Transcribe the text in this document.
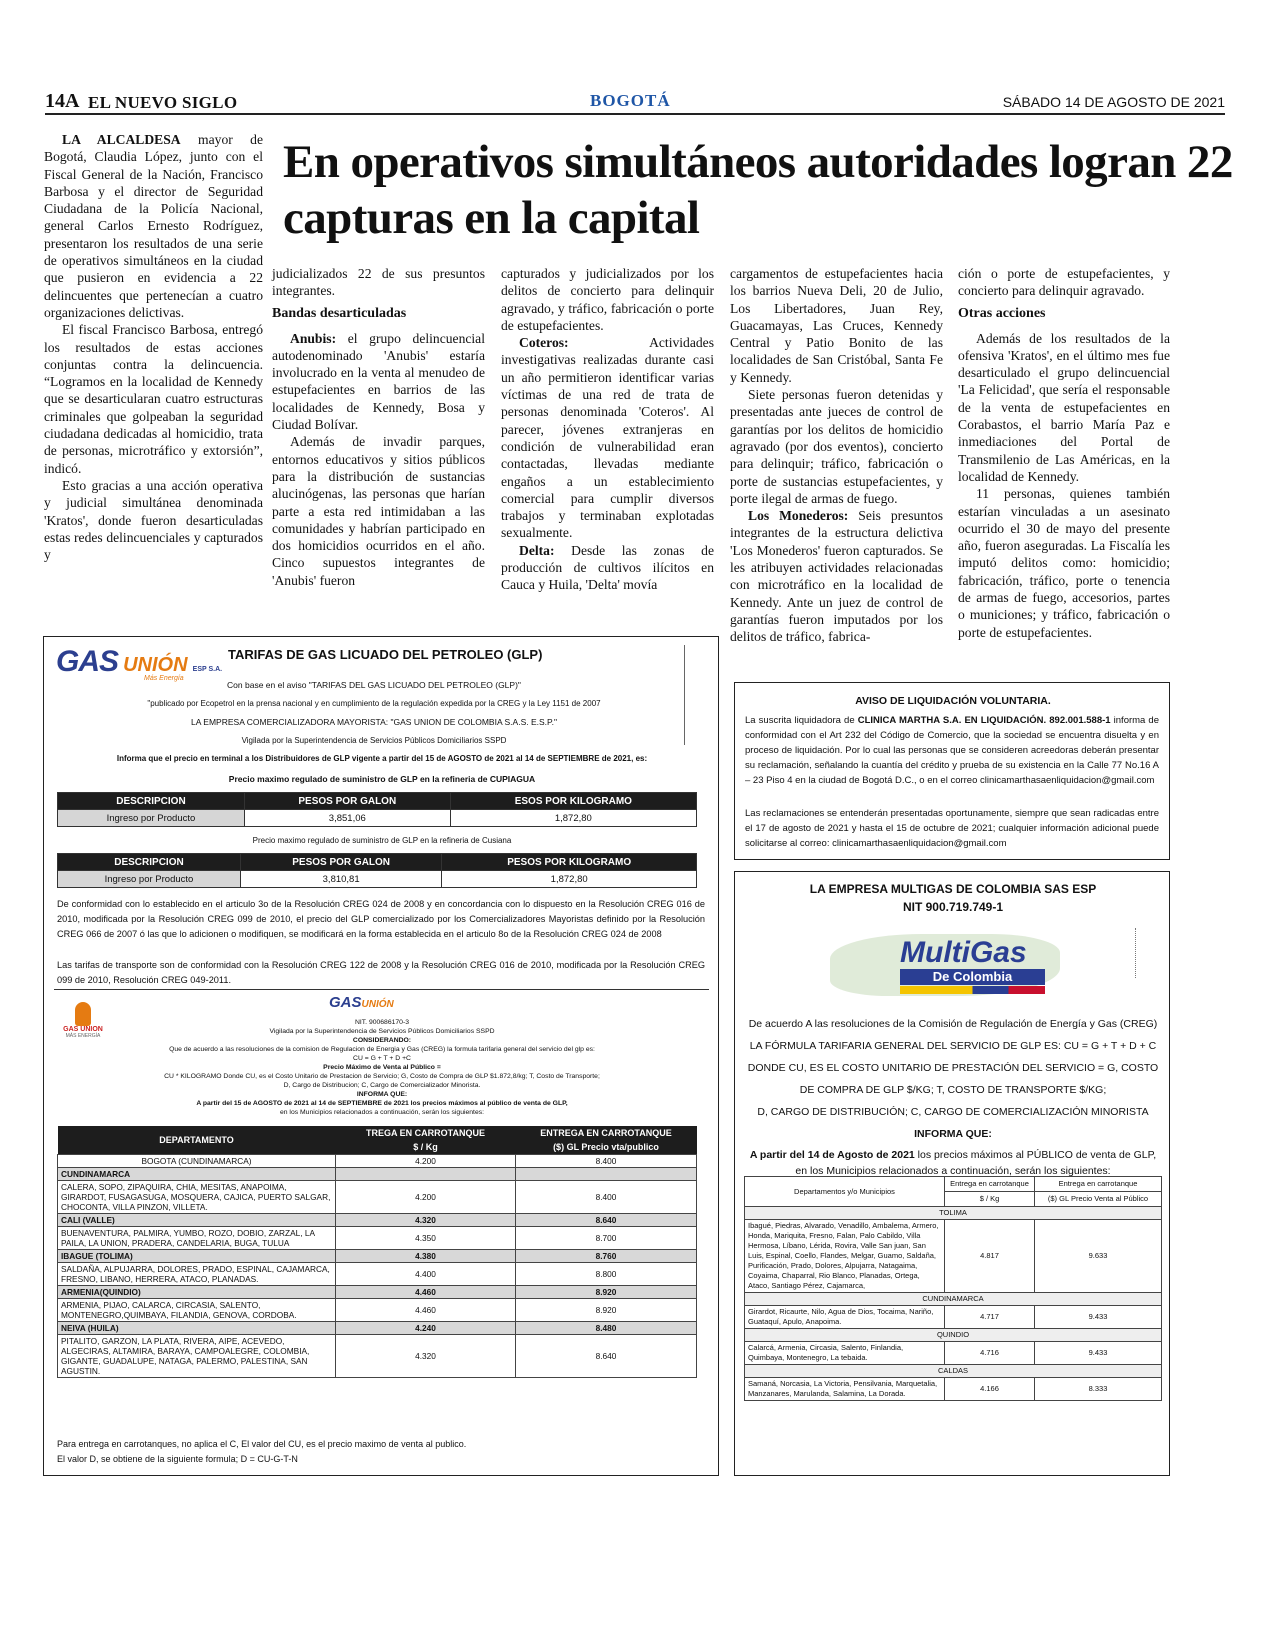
14A EL NUEVO SIGLO	BOGOTÁ	SÁBADO 14 DE AGOSTO DE 2021
En operativos simultáneos autoridades logran 22 capturas en la capital

LA ALCALDESA mayor de Bogotá, Claudia López, junto con el Fiscal General de la Nación, Francisco Barbosa y el director de Seguridad Ciudadana de la Policía Nacional, general Carlos Ernesto Rodríguez, presentaron los resultados de una serie de operativos simultáneos en la ciudad que pusieron en evidencia a 22 delincuentes que pertenecían a cuatro organizaciones delictivas.

El fiscal Francisco Barbosa, entregó los resultados de estas acciones conjuntas contra la delincuencia. “Logramos en la localidad de Kennedy que se desarticularan cuatro estructuras criminales que golpeaban la seguridad ciudadana dedicadas al homicidio, trata de personas, microtráfico y extorsión”, indicó.

Esto gracias a una acción operativa y judicial simultánea denominada 'Kratos', donde fueron desarticuladas estas redes delincuenciales y capturados y

judicializados 22 de sus presuntos integrantes.

Bandas desarticuladas

Anubis: el grupo delincuencial autodenominado 'Anubis' estaría involucrado en la venta al menudeo de estupefacientes en barrios de las localidades de Kennedy, Bosa y Ciudad Bolívar.

Además de invadir parques, entornos educativos y sitios públicos para la distribución de sustancias alucinógenas, las personas que harían parte a esta red intimidaban a las comunidades y habrían participado en dos homicidios ocurridos en el año. Cinco supuestos integrantes de 'Anubis' fueron

capturados y judicializados por los delitos de concierto para delinquir agravado, y tráfico, fabricación o porte de estupefacientes.

Coteros: Actividades investigativas realizadas durante casi un año permitieron identificar varias víctimas de una red de trata de personas denominada 'Coteros'. Al parecer, jóvenes extranjeras en condición de vulnerabilidad eran contactadas, llevadas mediante engaños a un establecimiento comercial para cumplir diversos trabajos y terminaban explotadas sexualmente.

Delta: Desde las zonas de producción de cultivos ilícitos en Cauca y Huila, 'Delta' movía

cargamentos de estupefacientes hacia los barrios Nueva Deli, 20 de Julio, Los Libertadores, Juan Rey, Guacamayas, Las Cruces, Kennedy Central y Patio Bonito de las localidades de San Cristóbal, Santa Fe y Kennedy.

Siete personas fueron detenidas y presentadas ante jueces de control de garantías por los delitos de homicidio agravado (por dos eventos), concierto para delinquir; tráfico, fabricación o porte de sustancias estupefacientes, y porte ilegal de armas de fuego.

Los Monederos: Seis presuntos integrantes de la estructura delictiva 'Los Monederos' fueron capturados. Se les atribuyen actividades relacionadas con microtráfico en la localidad de Kennedy. Ante un juez de control de garantías fueron imputados por los delitos de tráfico, fabrica-

ción o porte de estupefacientes, y concierto para delinquir agravado.

Otras acciones

Además de los resultados de la ofensiva 'Kratos', en el último mes fue desarticulado el grupo delincuencial 'La Felicidad', que sería el responsable de la venta de estupefacientes en Corabastos, el barrio María Paz e inmediaciones del Portal de Transmilenio de Las Américas, en la localidad de Kennedy.

11 personas, quienes también estarían vinculadas a un asesinato ocurrido el 30 de mayo del presente año, fueron aseguradas. La Fiscalía les imputó delitos como: homicidio; fabricación, tráfico, porte o tenencia de armas de fuego, accesorios, partes o municiones; y tráfico, fabricación o porte de estupefacientes.

GAS UNIÓN ESP S.A.
Más Energía
TARIFAS DE GAS LICUADO DEL PETROLEO (GLP)
Con base en el aviso "TARIFAS DEL GAS LICUADO DEL PETROLEO (GLP)"
"publicado por Ecopetrol en la prensa nacional y en cumplimiento de la regulación expedida por la CREG y la Ley 1151 de 2007
LA EMPRESA COMERCIALIZADORA MAYORISTA: "GAS UNION DE COLOMBIA S.A.S. E.S.P."
Vigilada por la Superintendencia de Servicios Públicos Domiciliarios SSPD
Informa que el precio en terminal a los Distribuidores de GLP vigente a partir del 15 de AGOSTO de 2021 al 14 de SEPTIEMBRE de 2021, es:
Precio maximo regulado de suministro de GLP en la refineria de CUPIAGUA
DESCRIPCION	PESOS POR GALON	ESOS POR KILOGRAMO
Ingreso por Producto	3,851,06	1,872,80
Precio maximo regulado de suministro de GLP en la refineria de Cusiana
DESCRIPCION	PESOS POR GALON	PESOS POR KILOGRAMO
Ingreso por Producto	3,810,81	1,872,80
De conformidad con lo establecido en el articulo 3o de la Resolución CREG 024 de 2008 y en concordancia con lo dispuesto en la Resolución CREG 016 de 2010, modificada por la Resolución CREG 099 de 2010, el precio del GLP comercializado por los Comercializadores Mayoristas definido por la Resolución CREG 066 de 2007 ó las que lo adicionen o modifiquen, se modificará en la forma establecida en el articulo 8o de la Resolución CREG 024 de 2008
Las tarifas de transporte son de conformidad con la Resolución CREG 122 de 2008 y la Resolución CREG 016 de 2010, modificada por la Resolución CREG 099 de 2010, Resolución CREG 049-2011.
GAS UNION
MÁS ENERGÍA
GASUNIÓN
NIT. 900686170-3
Vigilada por la Superintendencia de Servicios Públicos Domiciliarios SSPD
CONSIDERANDO:
Que de acuerdo a las resoluciones de la comision de Regulacion de Energia y Gas (CREG) la formula tarifaria general del servicio del glp es:
CU = G + T + D +C
Precio Máximo de Venta al Público =
CU * KILOGRAMO Donde CU, es el Costo Unitario de Prestacion de Servicio; G, Costo de Compra de GLP $1.872,8/kg; T, Costo de Transporte;
D, Cargo de Distribucion; C, Cargo de Comercializador Minorista.
INFORMA QUE:
A partir del 15 de AGOSTO de 2021 al 14 de SEPTIEMBRE de 2021 los precios máximos al público de venta de GLP,
en los Municipios relacionados a continuación, serán los siguientes:
DEPARTAMENTO	TREGA EN CARROTANQUE	ENTREGA EN CARROTANQUE
	$ / Kg	($) GL Precio vta/publico
BOGOTA (CUNDINAMARCA)	4.200	8.400
CUNDINAMARCA		
CALERA, SOPO, ZIPAQUIRA, CHIA, MESITAS, ANAPOIMA, GIRARDOT, FUSAGASUGA, MOSQUERA, CAJICA, PUERTO SALGAR, CHOCONTA, VILLA PINZON, VILLETA.	4.200	8.400
CALI (VALLE)	4.320	8.640
BUENAVENTURA, PALMIRA, YUMBO, ROZO, DOBIO, ZARZAL, LA PAILA, LA UNION, PRADERA, CANDELARIA, BUGA, TULUA	4.350	8.700
IBAGUE (TOLIMA)	4.380	8.760
SALDAÑA, ALPUJARRA, DOLORES, PRADO, ESPINAL, CAJAMARCA, FRESNO, LIBANO, HERRERA, ATACO, PLANADAS.	4.400	8.800
ARMENIA(QUINDIO)	4.460	8.920
ARMENIA, PIJAO, CALARCA, CIRCASIA, SALENTO, MONTENEGRO,QUIMBAYA, FILANDIA, GENOVA, CORDOBA.	4.460	8.920
NEIVA (HUILA)	4.240	8.480
PITALITO, GARZON, LA PLATA, RIVERA, AIPE, ACEVEDO, ALGECIRAS, ALTAMIRA, BARAYA, CAMPOALEGRE, COLOMBIA, GIGANTE, GUADALUPE, NATAGA, PALERMO, PALESTINA, SAN AGUSTIN.	4.320	8.640
Para entrega en carrotanques, no aplica el C, El valor del CU, es el precio maximo de venta al publico.
El valor D, se obtiene de la siguiente formula; D = CU-G-T-N
AVISO DE LIQUIDACIÓN VOLUNTARIA.
La suscrita liquidadora de CLINICA MARTHA S.A. EN LIQUIDACIÓN. 892.001.588-1 informa de conformidad con el Art 232 del Código de Comercio, que la sociedad se encuentra disuelta y en proceso de liquidación. Por lo cual las personas que se consideren acreedoras deberán presentar su reclamación, señalando la cuantía del crédito y prueba de su existencia en la Calle 77 No.16 A – 23 Piso 4 en la ciudad de Bogotá D.C., o en el correo clinicamarthasaenliquidacion@gmail.com
Las reclamaciones se entenderán presentadas oportunamente, siempre que sean radicadas entre el 17 de agosto de 2021 y hasta el 15 de octubre de 2021; cualquier información adicional puede solicitarse al correo: clinicamarthasaenliquidacion@gmail.com
LA EMPRESA MULTIGAS DE COLOMBIA SAS ESP
NIT 900.719.749-1
MultiGas
De Colombia
De acuerdo A las resoluciones de la Comisión de Regulación de Energía y Gas (CREG)
LA FÓRMULA TARIFARIA GENERAL DEL SERVICIO DE GLP ES: CU = G + T + D + C
DONDE CU, ES EL COSTO UNITARIO DE PRESTACIÓN DEL SERVICIO = G, COSTO DE COMPRA DE GLP $/KG; T, COSTO DE TRANSPORTE $/KG;
D, CARGO DE DISTRIBUCIÓN; C, CARGO DE COMERCIALIZACIÓN MINORISTA
INFORMA QUE:
A partir del 14 de Agosto de 2021 los precios máximos al PÚBLICO de venta de GLP, en los Municipios relacionados a continuación, serán los siguientes:
Departamentos y/o Municipios	Entrega en carrotanque	Entrega en carrotanque
	$ / Kg	($) GL Precio Venta al Público
TOLIMA		
Ibagué, Piedras, Alvarado, Venadillo, Ambalema, Armero, Honda, Mariquita, Fresno, Falan, Palo Cabildo, Villa Hermosa, Líbano, Lérida, Rovira, Valle San juan, San Luis, Espinal, Coello, Flandes, Melgar, Guamo, Saldaña, Purificación, Prado, Dolores, Alpujarra, Natagaima, Coyaima, Chaparral, Rio Blanco, Planadas, Ortega, Ataco, Santiago Pérez, Cajamarca,	4.817	9.633
CUNDINAMARCA		
Girardot, Ricaurte, Nilo, Agua de Dios, Tocaima, Nariño, Guataquí, Apulo, Anapoima.	4.717	9.433
QUINDIO		
Calarcá, Armenia, Circasia, Salento, Finlandia, Quimbaya, Montenegro, La tebaida.	4.716	9.433
CALDAS		
Samaná, Norcasia, La Victoria, Pensilvania, Marquetalia, Manzanares, Marulanda, Salamina, La Dorada.	4.166	8.333
